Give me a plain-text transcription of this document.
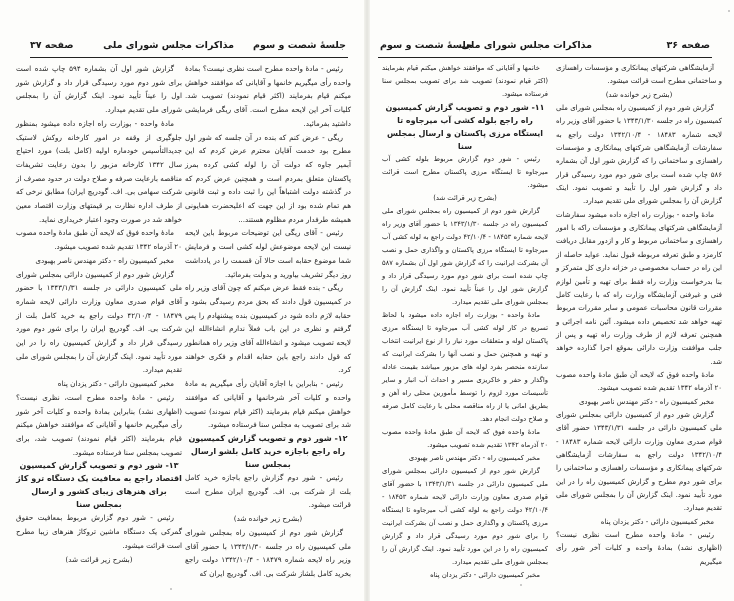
جلسهٔ شصت و سوم
مذاکرات مجلس شورای ملی
صفحه ۳۷

رئیس - مادهٔ واحده مطرح است نظری نیست؟ بمادهٔ واحده رأی میگیریم خانمها و آقایانی که موافقند خواهش میکنم قیام بفرمایند (اکثر قیام نمودند) تصویب شد. کلیات آخر این لایحه مطرح است. آقای ریگی فرمایشی داشتید بفرمائید.

ریگی - عرض کنم که بنده در آن جلسه که شور اول مطرح بود خدمت آقایان محترم عرض کردم که این آبمیر جاوه که دولت آن را لوله کشی کرده بمرز پاکستان متعلق بمردم است و همچنین عرض کردم که در گذشته دولت اشتباهاً این را ثبت داده و ثبت قانونی هم تمام شده بود از این جهت که اعلیحضرت همایونی همیشه طرفدار مردم مظلوم هستند...

رئیس - آقای ریگی این توضیحات مربوط باین لایحه نیست این لایحه موضوعش لوله کشی است و فرمایش شما موضوع حقابه است حالا آن قسمت را در یادداشت روز دیگر تشریف بیاورید و بدولت بفرمائید.

ریگی - بنده فقط عرض میکنم که چون آقای وزیر راه در کمیسیون قول دادند که بحق مردم رسیدگی بشود و حقابه لازم داده شود در کمیسیون بنده پیشنهادم را پس گرفتم و نظری در این باب فعلاً ندارم انشاءالله این لایحه تصویب میشود و انشاءالله آقای وزیر راه همانطور که قول دادند راجع باین حقابه اقدام و فکری خواهند کرد.

رئیس - بنابراین با اجازه آقایان رأی میگیریم به مادهٔ واحده و کلیات آخر شرخانمها و آقایانی که موافقند خواهش میکنم قیام بفرمایند (اکثر قیام نمودند) تصویب شد برای تصویب به مجلس سنا فرستاده میشود.

۱۲- شور دوم و تصویب گزارش کمیسیون راه راجع باجازه خرید کامل بلشو ارسال بمجلس سنا

رئیس - شور دوم گزارش راجع باجازه خرید کامل بلت از شرکت بی. اف. گودریچ ایران مطرح است قرائت میشود.

(بشرح زیر خوانده شد)

گزارش شور دوم از کمیسیون راه بمجلس شورای ملی کمیسیون راه در جلسه ۱۳۴۳/۱/۳۰ با حضور آقای وزیر راه لایحه شماره ۱۸۴۷۹ - ۱۳۴۲/۱۰/۴ دولت راجع بخرید کامل بلشاز شرکت بی. اف. گودریچ ایران که

گزارش شور اول آن بشماره ۵۹۴ چاپ شده است برای شور دوم مورد رسیدگی قرار داد و گزارش شور اول را عیناً تأیید نمود. اینک گزارش آن را بمجلس شورای ملی تقدیم میدارد.

مادهٔ واحده - بوزارت راه اجازه داده میشود بمنظور جلوگیری از وقفه در امور کارخانه روکش لاستیک جدیدالتأسیس خودماره اولیه (کامل بلت) مورد احتیاج سال ۱۳۴۲ کارخانه مزبور را بدون رعایت تشریفات مناقصه بارعایت صرفه و صلاح دولت در حدود مصرف از شرکت سهامی بی. اف. گودریچ ایران) مطابق نرخی که از طرف اداره نظارت بر قیمتهای وزارت اقتصاد معین خواهد شد در صورت وجود اعتبار خریداری نماید.

مادهٔ واحده فوق که لایحه آن طبق مادهٔ واحده مصوب ۲۰ آذرماه ۱۳۴۲ تقدیم شده تصویب میشود.

مخبر کمیسیون راه - دکتر مهندس ناصر بهبودی

گزارش شور دوم از کمیسیون دارائی بمجلس شورای ملی کمیسیون دارائی در جلسه ۱۳۴۳/۱/۳۱ با حضور آقای قوام صدری معاون وزارت دارائی لایحه شماره ۱۸۴۷۹ - ۴۲/۱۰/۴ دولت راجع به خرید کامل بلت از شرکت بی. اف. گودریچ ایران را برای شور دوم مورد رسیدگی قرار داد و گزارش کمیسیون راه را در این مورد تأیید نمود. اینک گزارش آن را بمجلس شورای ملی تقدیم میدارد.

مخبر کمیسیون دارائی - دکتر یزدان پناه

رئیس - مادهٔ واحده مطرح است، نظری نیست؟ (اظهاری نشد) بنابراین بمادهٔ واحده و کلیات آخر شور رأی میگیریم خانمها و آقایانی که موافقند خواهش میکنم قیام بفرمایند (اکثر قیام نمودند) تصویب شد، برای تصویب بمجلس سنا فرستاده میشود.

۱۳- شور دوم و تصویب گزارش کمیسیون اقتصاد راجع به معافیت یک دستگاه ترو کاژ برای هنرهای زیبای کشور و ارسال بمجلس سنا

رئیس - شور دوم گزارش مربوط بمعافیت حقوق گمرکی یک دستگاه ماشین تروکاژ هنرهای زیبا مطرح است قرائت میشود.

(بشرح زیر قرائت شد)

صفحه ۳۶
مذاکرات مجلس شورای ملی
جلسهٔ شصت و سوم

آزمایشگاهی شرکتهای پیمانکاری و مؤسسات راهسازی و ساختمانی مطرح است قرائت میشود.

(بشرح زیر خوانده شد)

گزارش شور دوم از کمیسیون راه بمجلس شورای ملی کمیسیون راه در جلسه ۱۳۴۳/۱/۳۰ با حضور آقای وزیر راه لایحه شماره ۱۸۴۸۳ - ۱۳۴۲/۱۰/۴ دولت راجع به سفارشات آزمایشگاهی شرکتهای پیمانکاری و مؤسسات راهسازی و ساختمانی را که گزارش شور اول آن بشماره ۵۸۶ چاپ شده است برای شور دوم مورد رسیدگی قرار داد و گزارش شور اول را تأیید و تصویب نمود. اینک گزارش آن را بمجلس شورای ملی تقدیم میدارد.

مادهٔ واحده - بوزارت راه اجازه داده میشود سفارشات آزمایشگاهی شرکتهای پیمانکاری و مؤسسات راکه با امور راهسازی و ساختمانی مربوط و کار و ازدور مقابل دریافت کارمزد و طبق تعرفه مربوطه قبول نماید. عواید حاصله از این راه در حساب مخصوصی در خزانه داری کل متمرکز و بنا بدرخواست وزارت راه فقط برای تهیه و تأمین لوازم فنی و غیرفنی آزمایشگاه وزارت راه که با رعایت کامل مقررات قانون محاسبات عمومی و سایر مقررات مربوط تهیه خواهد شد تخصیص داده میشود. آئین نامه اجرائی و همچنین تعرفه لازم از طرف وزارت راه تهیه و پس از جلب موافقت وزارت دارائی بموقع اجرا گذارده خواهد شد.

مادهٔ واحده فوق که لایحه آن طبق مادهٔ واحده مصوب ۲۰ آذرماه ۱۳۴۲ تقدیم شده تصویب میشود.

مخبر کمیسیون راه - دکتر مهندس ناصر بهبودی

گزارش شور دوم از کمیسیون دارائی بمجلس شورای ملی کمیسیون دارائی در جلسه ۱۳۴۳/۱/۳۱ حضور آقای قوام صدری معاون وزارت دارائی لایحه شماره ۱۸۴۸۳ - ۱۳۴۲/۱۰/۴ دولت راجع به سفارشات آزمایشگاهی شرکتهای پیمانکاری و مؤسسات راهسازی و ساختمانی را برای شور دوم مطرح و گزارش کمیسیون راه را در این مورد تأیید نمود. اینک گزارش آن را بمجلس شورای ملی تقدیم میدارد.

مخبر کمیسیون دارائی - دکتر یزدان پناه

رئیس - مادهٔ واحده مطرح است نظری نیست؟ (اظهاری نشد) بمادهٔ واحده و کلیات آخر شور رأی میگیریم

خانمها و آقایانی که موافقند خواهش میکنم قیام بفرمایند (اکثر قیام نمودند) تصویب شد برای تصویب بمجلس سنا فرستاده میشود.

۱۱- شور دوم و تصویب گزارش کمیسیون راه راجع بلوله کشی آب میرجاوه تا ایستگاه مرزی پاکستان و ارسال بمجلس سنا

رئیس - شور دوم گزارش مربوط بلوله کشی آب میرجاوه تا ایستگاه مرزی پاکستان مطرح است قرائت میشود.

(بشرح زیر قرائت شد)

گزارش شور دوم از کمیسیون راه بمجلس شورای ملی کمیسیون راه در جلسه ۱۳۴۳/۱/۳۰ با حضور آقای وزیر راه لایحه شماره ۱۸۴۵۳ - ۴۲/۱۰/۴ دولت راجع به لوله کشی آب میرجاوه تا ایستگاه مرزی پاکستان و واگذاری حمل و نصب آن بشرکت ایرانیت را که گزارش شور اول آن بشماره ۵۸۷ چاپ شده است برای شور دوم مورد رسیدگی قرار داد و گزارش شور اول را عیناً تأیید نمود. اینک گزارش آن را بمجلس شورای ملی تقدیم میدارد.

مادهٔ واحده - بوزارت راه اجازه داده میشود با لحاظ تسریع در کار لوله کشی آب میرجاوه تا ایستگاه مرزی پاکستان لوله و متعلقات مورد نیاز را از نوع ایرانیت انتخاب و تهیه و همچنین حمل و نصب آنها را بشرکت ایرانیت که سازنده منحصر بفرد لوله های مزبور میباشد بقیمت عادله واگذار و حفر و خاکریزی مسیر و احداث آب انبار و سایر تأسیسات مورد لزوم را توسط مأمورین محلی راه آهن و بطریق امانی یا از راه مناقصه محلی با رعایت کامل صرفه و صلاح دولت انجام دهد.

مادهٔ واحده فوق که لایحه آن طبق مادهٔ واحده مصوب ۲۰ آذرماه ۱۳۴۲ تقدیم شده تصویب میشود.

مخبر کمیسیون راه - دکتر مهندس ناصر بهبودی

گزارش شور دوم از کمیسیون دارائی بمجلس شورای ملی کمیسیون دارائی در جلسه ۱۳۴۳/۱/۳۱ با حضور آقای قوام صدری معاون وزارت دارائی لایحه شماره ۱۸۴۵۳ - ۴۲/۱۰/۴ دولت راجع به لوله کشی آب میرجاوه تا ایستگاه مرزی پاکستان و واگذاری حمل و نصب آن بشرکت ایرانیت را برای شور دوم مورد رسیدگی قرار داد و گزارش کمیسیون راه را در این مورد تأیید نمود. اینک گزارش آن را بمجلس شورای ملی تقدیم میدارد.

مخبر کمیسیون دارائی - دکتر یزدان پناه
